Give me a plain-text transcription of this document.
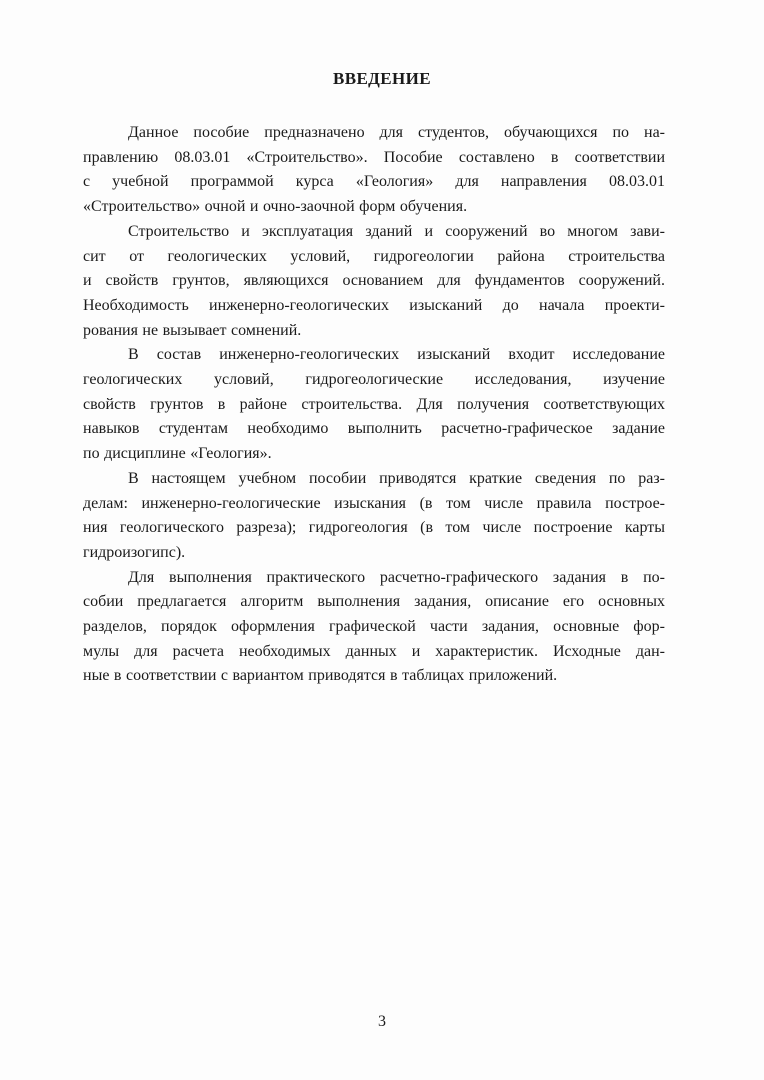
ВВЕДЕНИЕ
Данное пособие предназначено для студентов, обучающихся по на-
правлению 08.03.01 «Строительство». Пособие составлено в соответствии
с учебной программой курса «Геология» для направления 08.03.01
«Строительство» очной и очно-заочной форм обучения.
Строительство и эксплуатация зданий и сооружений во многом зави-
сит от геологических условий, гидрогеологии района строительства
и свойств грунтов, являющихся основанием для фундаментов сооружений.
Необходимость инженерно-геологических изысканий до начала проекти-
рования не вызывает сомнений.
В состав инженерно-геологических изысканий входит исследование
геологических условий, гидрогеологические исследования, изучение
свойств грунтов в районе строительства. Для получения соответствующих
навыков студентам необходимо выполнить расчетно-графическое задание
по дисциплине «Геология».
В настоящем учебном пособии приводятся краткие сведения по раз-
делам: инженерно-геологические изыскания (в том числе правила построе-
ния геологического разреза); гидрогеология (в том числе построение карты
гидроизогипс).
Для выполнения практического расчетно-графического задания в по-
собии предлагается алгоритм выполнения задания, описание его основных
разделов, порядок оформления графической части задания, основные фор-
мулы для расчета необходимых данных и характеристик. Исходные дан-
ные в соответствии с вариантом приводятся в таблицах приложений.
3
